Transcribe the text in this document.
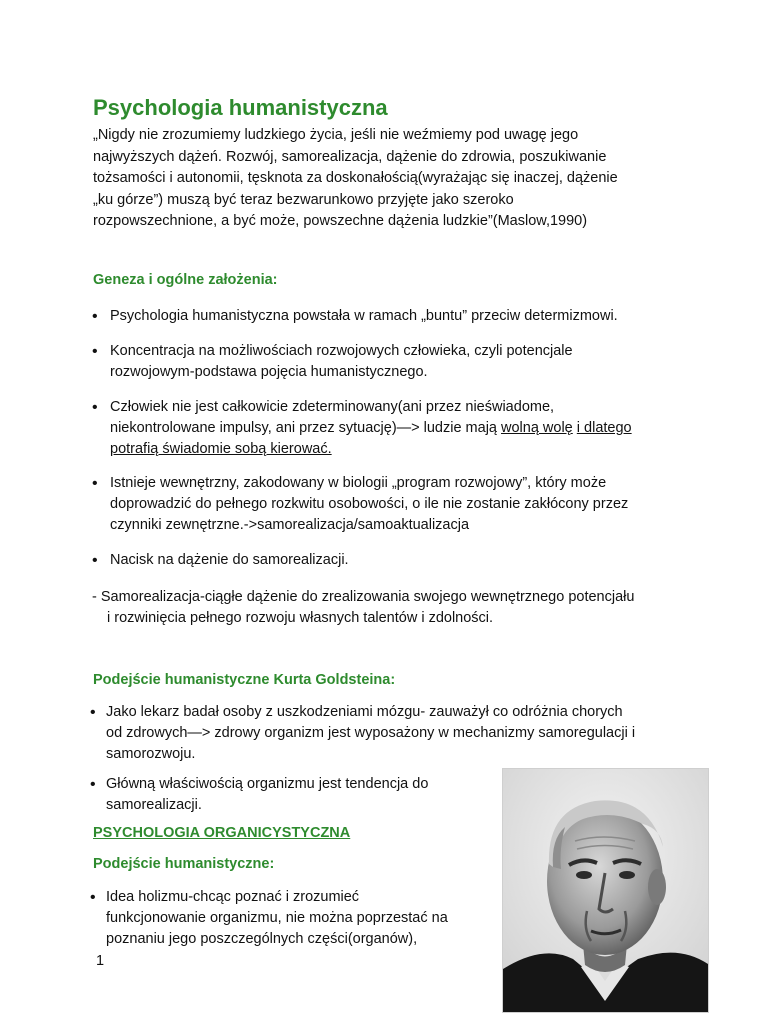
Psychologia humanistyczna
„Nigdy nie zrozumiemy ludzkiego życia, jeśli nie weźmiemy pod uwagę jego
najwyższych dążeń. Rozwój, samorealizacja, dążenie do zdrowia, poszukiwanie
tożsamości i autonomii, tęsknota za doskonałością(wyrażając się inaczej, dążenie
„ku górze”) muszą być teraz bezwarunkowo przyjęte jako szeroko
rozpowszechnione, a być może, powszechne dążenia ludzkie”(Maslow,1990)
Geneza i ogólne założenia:
• Psychologia humanistyczna powstała w ramach „buntu” przeciw determizmowi.
• Koncentracja na możliwościach rozwojowych człowieka, czyli potencjale
rozwojowym-podstawa pojęcia humanistycznego.
• Człowiek nie jest całkowicie zdeterminowany(ani przez nieświadome,
niekontrolowane impulsy, ani przez sytuację)—> ludzie mają wolną wolę i dlatego
potrafią świadomie sobą kierować.
• Istnieje wewnętrzny, zakodowany w biologii „program rozwojowy”, który może
doprowadzić do pełnego rozkwitu osobowości, o ile nie zostanie zakłócony przez
czynniki zewnętrzne.->samorealizacja/samoaktualizacja
• Nacisk na dążenie do samorealizacji.
- Samorealizacja-ciągłe dążenie do zrealizowania swojego wewnętrznego potencjału
i rozwinięcia pełnego rozwoju własnych talentów i zdolności.
Podejście humanistyczne Kurta Goldsteina:
• Jako lekarz badał osoby z uszkodzeniami mózgu- zauważył co odróżnia chorych
od zdrowych—> zdrowy organizm jest wyposażony w mechanizmy samoregulacji i
samorozwoju.
• Główną właściwością organizmu jest tendencja do
samorealizacji.
PSYCHOLOGIA ORGANICYSTYCZNA
Podejście humanistyczne:
• Idea holizmu-chcąc poznać i zrozumieć
funkcjonowanie organizmu, nie można poprzestać na
poznaniu jego poszczególnych części(organów),
1
